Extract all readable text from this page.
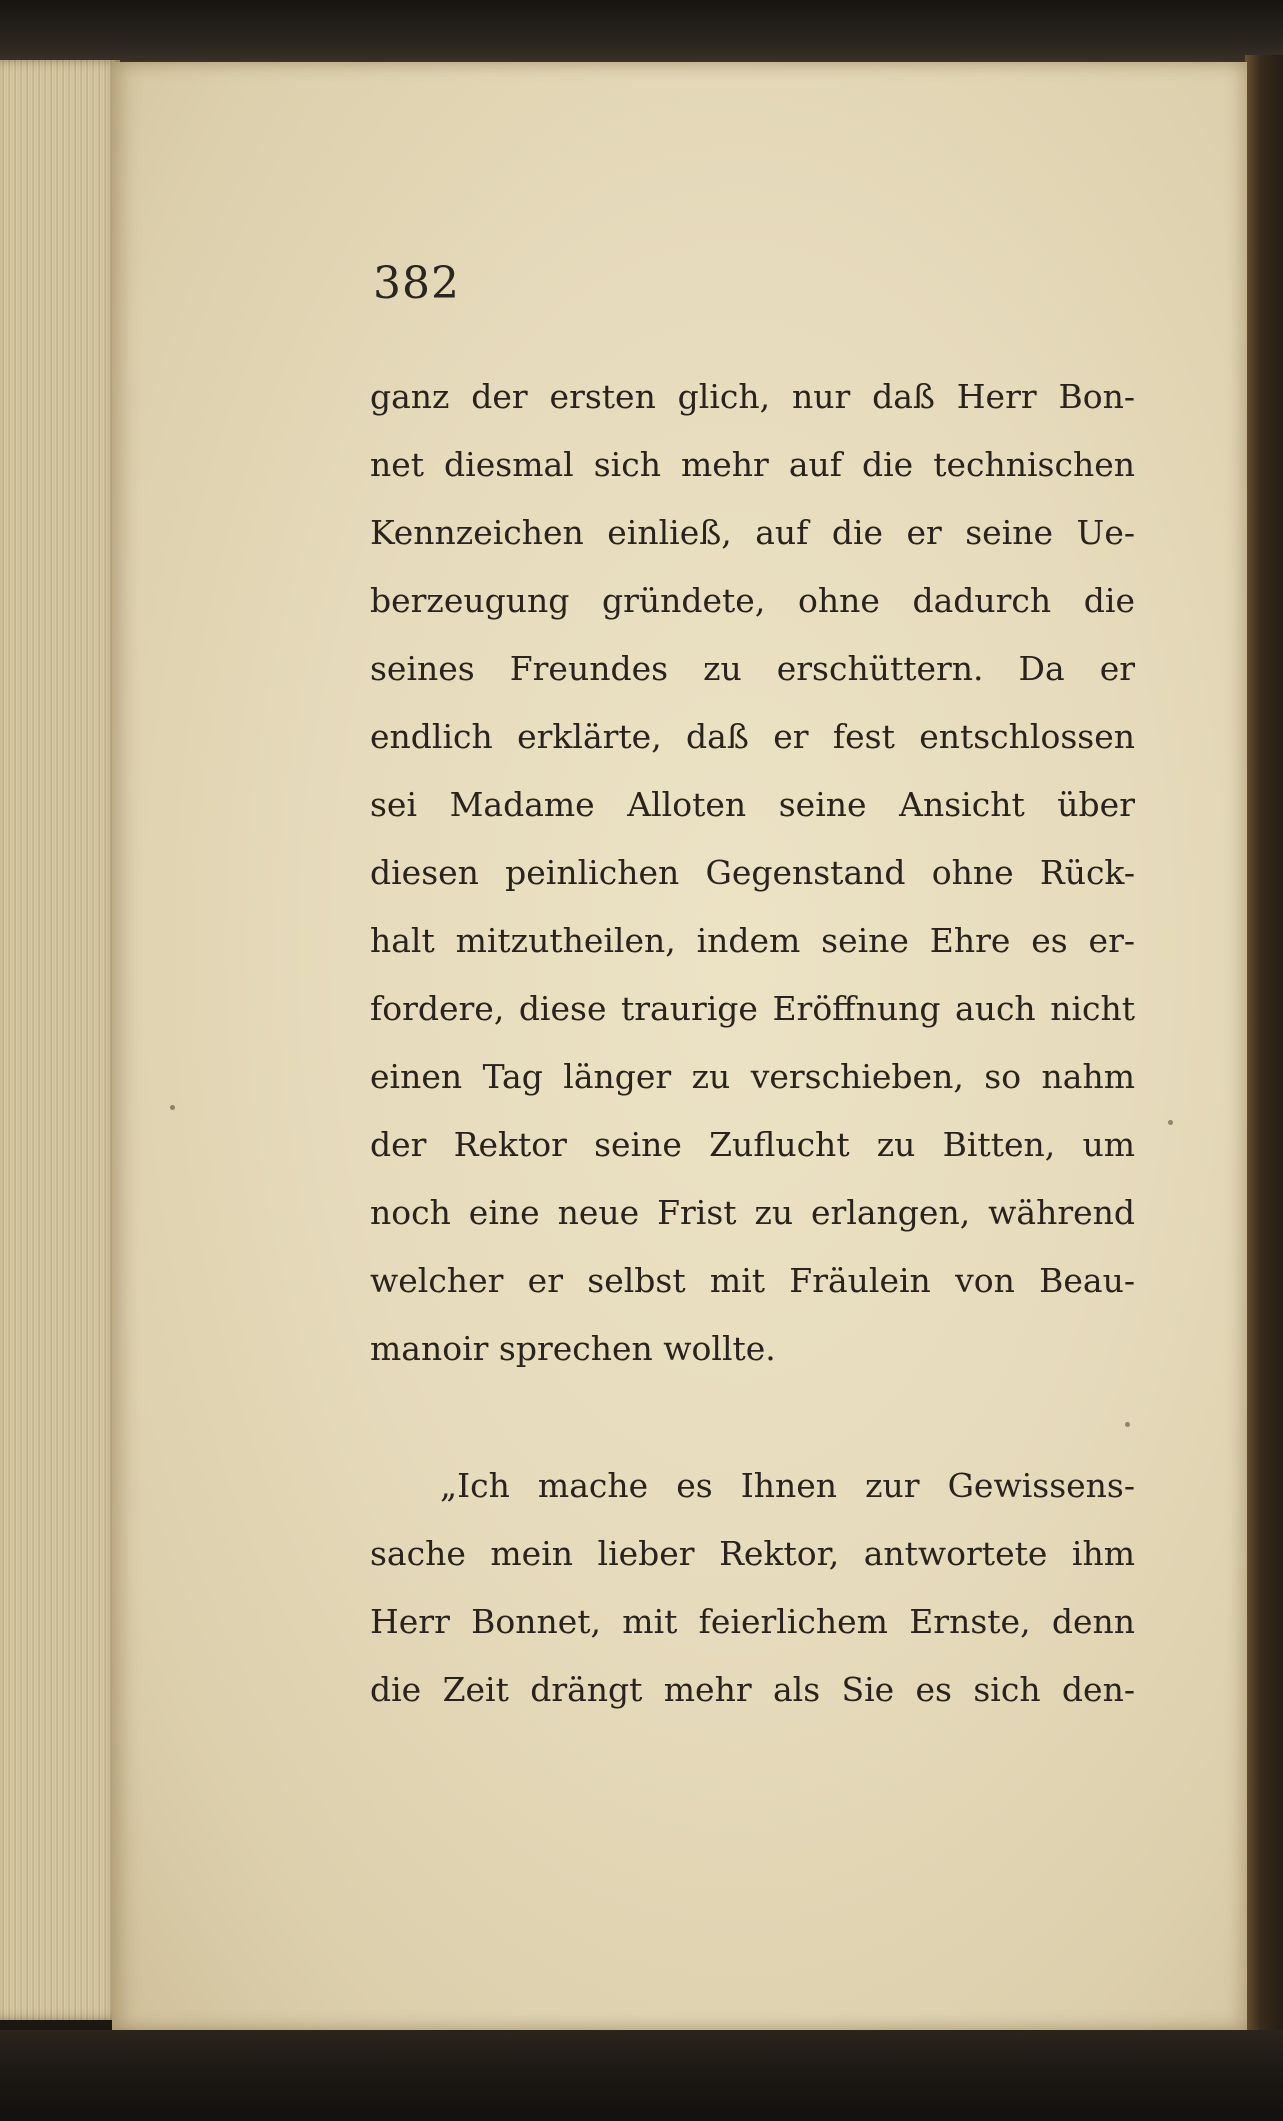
382

ganz der ersten glich, nur daß Herr Bon-
net diesmal sich mehr auf die technischen
Kennzeichen einließ, auf die er seine Ue-
berzeugung gründete, ohne dadurch die
seines Freundes zu erschüttern. Da er
endlich erklärte, daß er fest entschlossen
sei Madame Alloten seine Ansicht über
diesen peinlichen Gegenstand ohne Rück-
halt mitzutheilen, indem seine Ehre es er-
fordere, diese traurige Eröffnung auch nicht
einen Tag länger zu verschieben, so nahm
der Rektor seine Zuflucht zu Bitten, um
noch eine neue Frist zu erlangen, während
welcher er selbst mit Fräulein von Beau-
manoir sprechen wollte.
„Ich mache es Ihnen zur Gewissens-
sache mein lieber Rektor, antwortete ihm
Herr Bonnet, mit feierlichem Ernste, denn
die Zeit drängt mehr als Sie es sich den-
